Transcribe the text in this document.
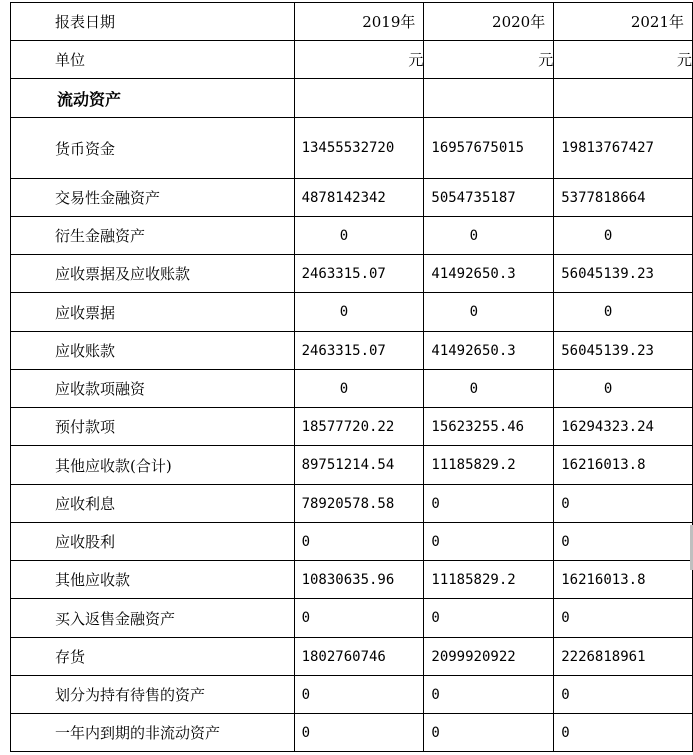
报表日期	2019年	2020年	2021年
单位	元	元	元
流动资产			
货币资金	13455532720	16957675015	19813767427
交易性金融资产	4878142342	5054735187	5377818664
衍生金融资产	0	0	0
应收票据及应收账款	2463315.07	41492650.3	56045139.23
应收票据	0	0	0
应收账款	2463315.07	41492650.3	56045139.23
应收款项融资	0	0	0
预付款项	18577720.22	15623255.46	16294323.24
其他应收款(合计)	89751214.54	11185829.2	16216013.8
应收利息	78920578.58	0	0
应收股利	0	0	0
其他应收款	10830635.96	11185829.2	16216013.8
买入返售金融资产	0	0	0
存货	1802760746	2099920922	2226818961
划分为持有待售的资产	0	0	0
一年内到期的非流动资产	0	0	0
